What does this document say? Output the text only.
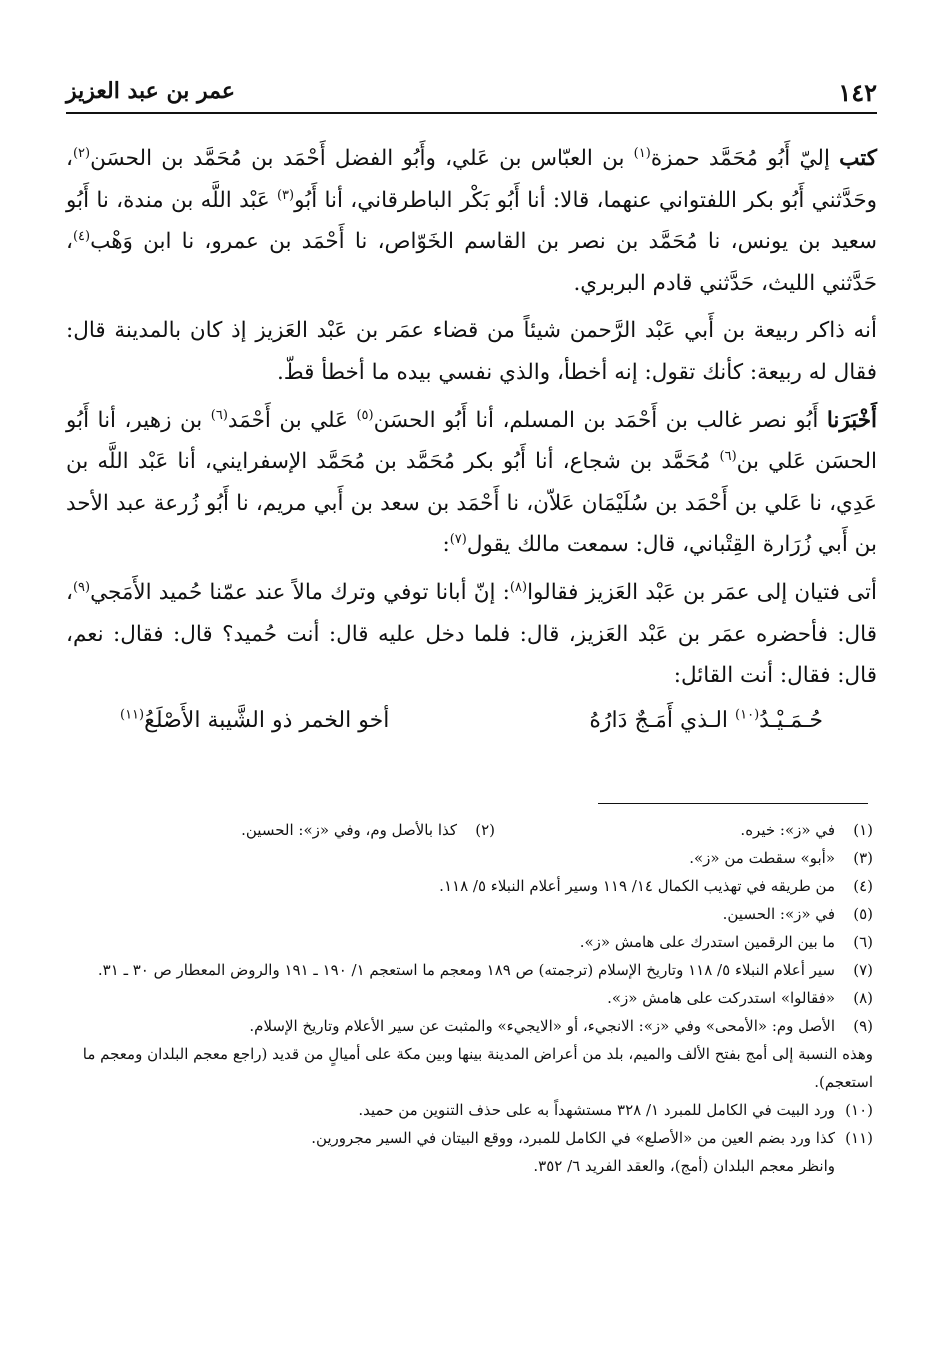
١٤٢
عمر بن عبد العزيز

كتب إليّ أَبُو مُحَمَّد حمزة$^{(١)}$ بن العبّاس بن عَلي، وأَبُو الفضل أَحْمَد بن مُحَمَّد بن الحسَن$^{(٢)}$، وحَدَّثني أَبُو بكر اللفتواني عنهما، قالا: أنا أَبُو بَكْر الباطرقاني، أنا أَبُو$^{(٣)}$ عَبْد اللَّه بن مندة، نا أَبُو سعيد بن يونس، نا مُحَمَّد بن نصر بن القاسم الخَوّاص، نا أَحْمَد بن عمرو، نا ابن وَهْب$^{(٤)}$، حَدَّثني الليث، حَدَّثني قادم البربري.

أنه ذاكر ربيعة بن أَبي عَبْد الرَّحمن شيئاً من قضاء عمَر بن عَبْد العَزيز إذ كان بالمدينة قال: فقال له ربيعة: كأنك تقول: إنه أخطأ، والذي نفسي بيده ما أخطأ قطّ.

أَخْبَرَنا أَبُو نصر غالب بن أَحْمَد بن المسلم، أنا أَبُو الحسَن$^{(٥)}$ عَلي بن أَحْمَد$^{(٦)}$ بن زهير، أنا أَبُو الحسَن عَلي بن$^{(٦)}$ مُحَمَّد بن شجاع، أنا أَبُو بكر مُحَمَّد بن مُحَمَّد الإسفرايني، أنا عَبْد اللَّه بن عَدِي، نا عَلي بن أَحْمَد بن سُلَيْمَان عَلاّن، نا أَحْمَد بن سعد بن أَبي مريم، نا أَبُو زُرعة عبد الأحد بن أَبي زُرَارة القِتْباني، قال: سمعت مالك يقول$^{(٧)}$:

أتى فتيان إلى عمَر بن عَبْد العَزيز فقالوا$^{(٨)}$: إنّ أبانا توفي وترك مالاً عند عمّنا حُميد الأَمَجي$^{(٩)}$، قال: فأحضره عمَر بن عَبْد العَزيز، قال: فلما دخل عليه قال: أنت حُميد؟ قال: فقال: نعم، قال: فقال: أنت القائل:

حُـمَـيْـدُ$^{(١٠)}$ الـذي أَمَـجٌ دَارُهُ
أخو الخمر ذو الشَّيبة الأَصْلَعُ$^{(١١)}$
(١)
في «ز»: خيره.
(٢)
كذا بالأصل وم، وفي «ز»: الحسين.
(٣)
«أبو» سقطت من «ز».
(٤)
من طريقه في تهذيب الكمال ١٤/ ١١٩ وسير أعلام النبلاء ٥/ ١١٨.
(٥)
في «ز»: الحسين.
(٦)
ما بين الرقمين استدرك على هامش «ز».
(٧)
سير أعلام النبلاء ٥/ ١١٨ وتاريخ الإسلام (ترجمته) ص ١٨٩ ومعجم ما استعجم ١/ ١٩٠ ـ ١٩١ والروض المعطار ص ٣٠ ـ ٣١.
(٨)
«فقالوا» استدركت على هامش «ز».
(٩)
الأصل وم: «الأمحى» وفي «ز»: الانجيء، أو «الايجيء» والمثبت عن سير الأعلام وتاريخ الإسلام.
وهذه النسبة إلى أمج بفتح الألف والميم، بلد من أعراض المدينة بينها وبين مكة على أميالٍ من قديد (راجع معجم البلدان ومعجم ما استعجم).
(١٠)
ورد البيت في الكامل للمبرد ١/ ٣٢٨ مستشهداً به على حذف التنوين من حميد.
(١١)
كذا ورد بضم العين من «الأصلع» في الكامل للمبرد، ووقع البيتان في السير مجرورين.
وانظر معجم البلدان (أمج)، والعقد الفريد ٦/ ٣٥٢.
